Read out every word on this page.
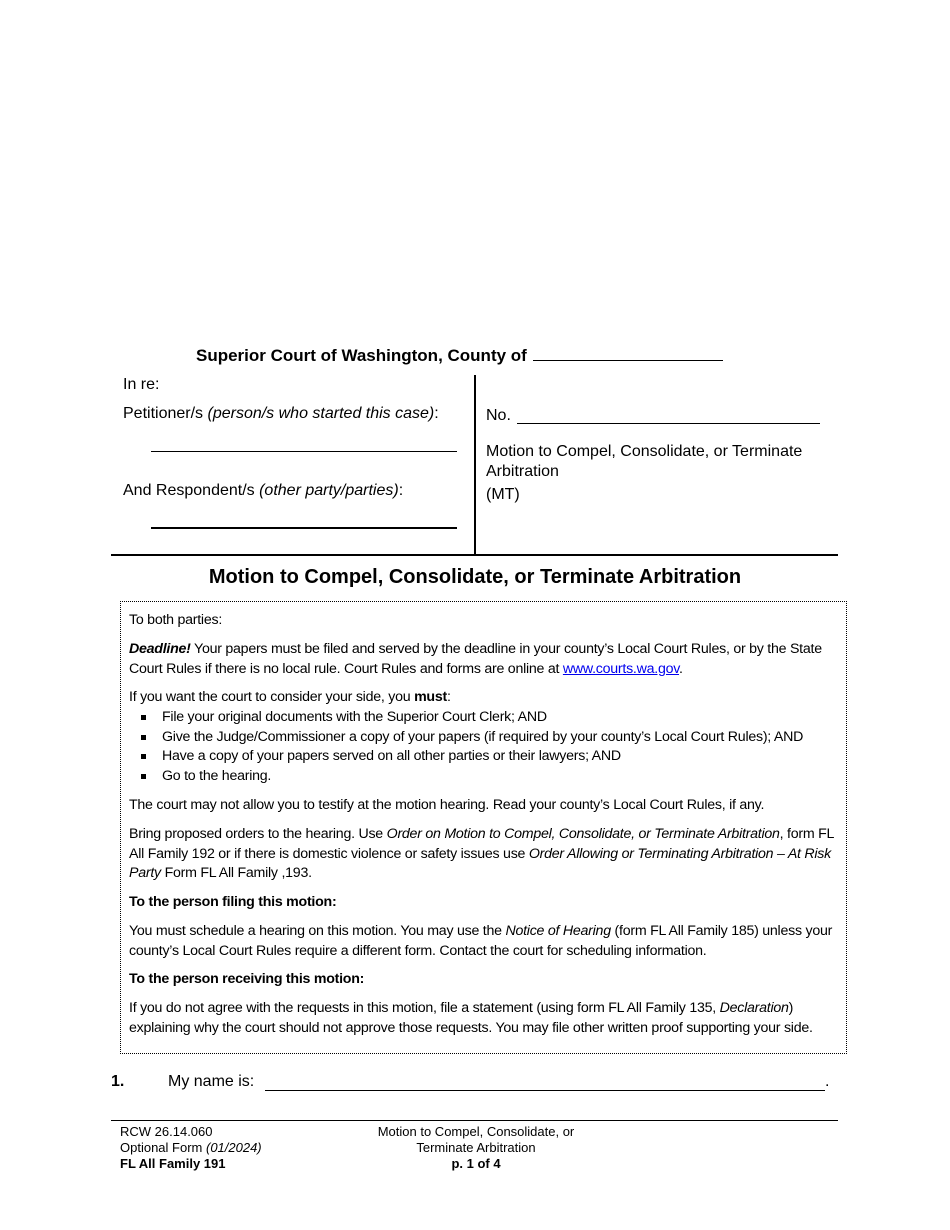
Superior Court of Washington, County of
In re:
Petitioner/s (person/s who started this case):
And Respondent/s (other party/parties):
No.
Motion to Compel, Consolidate, or Terminate Arbitration
(MT)
Motion to Compel, Consolidate, or Terminate Arbitration
To both parties:
Deadline! Your papers must be filed and served by the deadline in your county’s Local Court Rules, or by the State Court Rules if there is no local rule. Court Rules and forms are online at www.courts.wa.gov.
If you want the court to consider your side, you must:
File your original documents with the Superior Court Clerk; AND
Give the Judge/Commissioner a copy of your papers (if required by your county’s Local Court Rules); AND
Have a copy of your papers served on all other parties or their lawyers; AND
Go to the hearing.
The court may not allow you to testify at the motion hearing. Read your county’s Local Court Rules, if any.
Bring proposed orders to the hearing. Use Order on Motion to Compel, Consolidate, or Terminate Arbitration, form FL All Family 192 or if there is domestic violence or safety issues use Order Allowing or Terminating Arbitration – At Risk Party Form FL All Family ,193.
To the person filing this motion:
You must schedule a hearing on this motion. You may use the Notice of Hearing (form FL All Family 185) unless your county’s Local Court Rules require a different form. Contact the court for scheduling information.
To the person receiving this motion:
If you do not agree with the requests in this motion, file a statement (using form FL All Family 135, Declaration) explaining why the court should not approve those requests. You may file other written proof supporting your side.
1.	My name is:	.
RCW 26.14.060
Optional Form (01/2024)
FL All Family 191
Motion to Compel, Consolidate, or
Terminate Arbitration
p. 1 of 4
